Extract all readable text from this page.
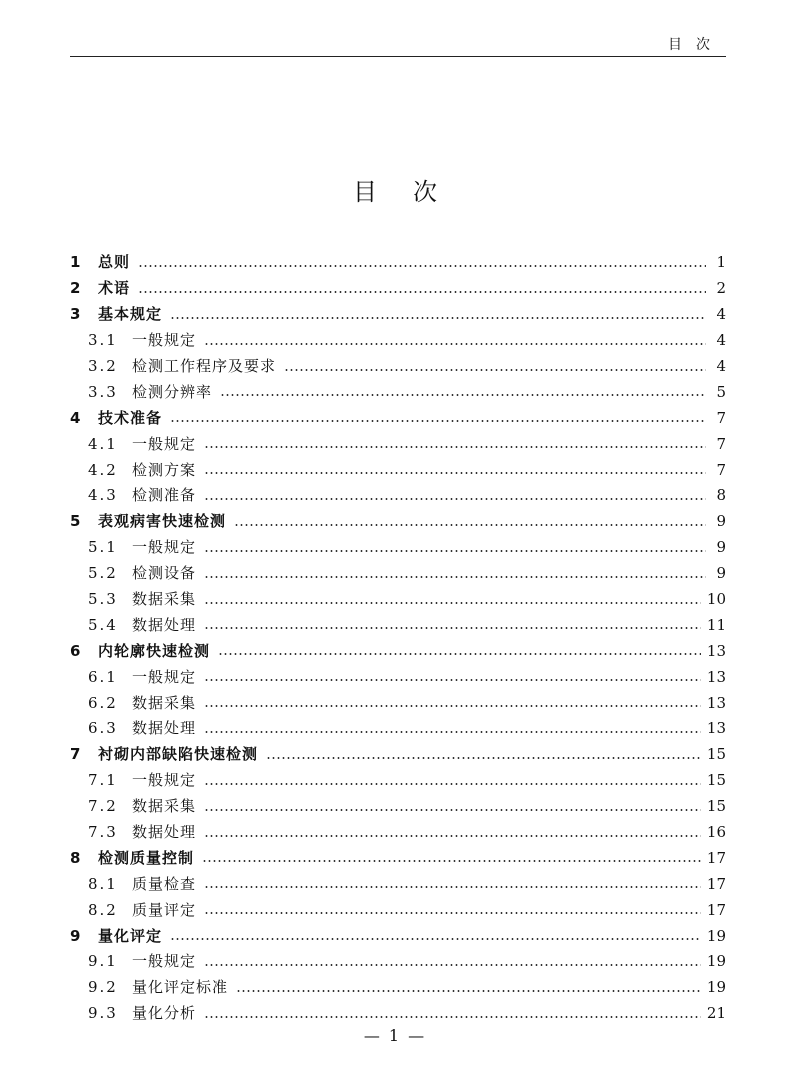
目次
目次
1	总则	1
2	术语	2
3	基本规定	4
3.1 一般规定	4
3.2 检测工作程序及要求	4
3.3 检测分辨率	5
4	技术准备	7
4.1 一般规定	7
4.2 检测方案	7
4.3 检测准备	8
5	表观病害快速检测	9
5.1 一般规定	9
5.2 检测设备	9
5.3 数据采集	10
5.4 数据处理	11
6	内轮廓快速检测	13
6.1 一般规定	13
6.2 数据采集	13
6.3 数据处理	13
7	衬砌内部缺陷快速检测	15
7.1 一般规定	15
7.2 数据采集	15
7.3 数据处理	16
8	检测质量控制	17
8.1 质量检查	17
8.2 质量评定	17
9	量化评定	19
9.1 一般规定	19
9.2 量化评定标准	19
9.3 量化分析	21
— 1 —
